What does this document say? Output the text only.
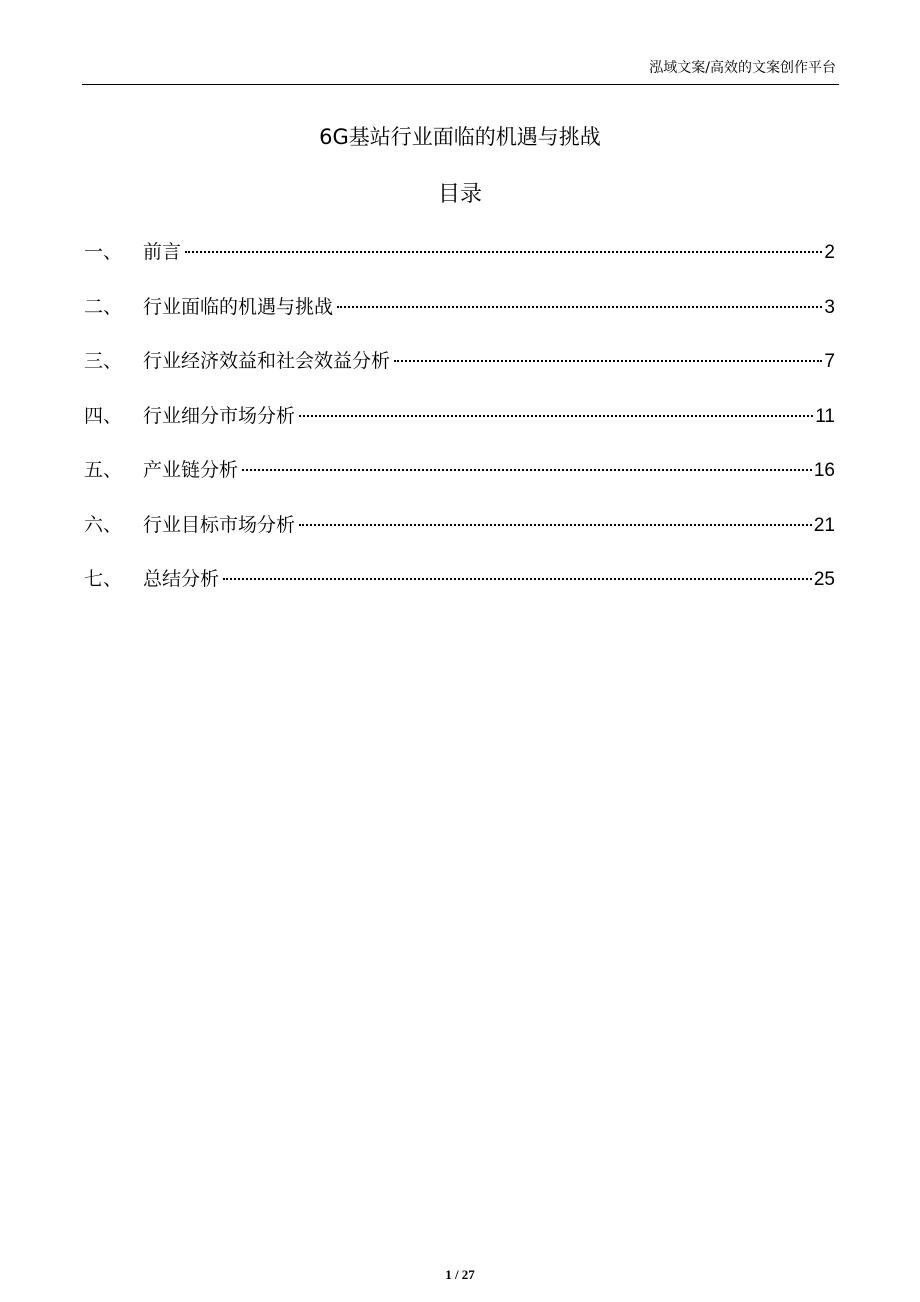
泓域文案/高效的文案创作平台
6G基站行业面临的机遇与挑战
目录
一、	前言	2
二、	行业面临的机遇与挑战	3
三、	行业经济效益和社会效益分析	7
四、	行业细分市场分析	11
五、	产业链分析	16
六、	行业目标市场分析	21
七、	总结分析	25
1 / 27
